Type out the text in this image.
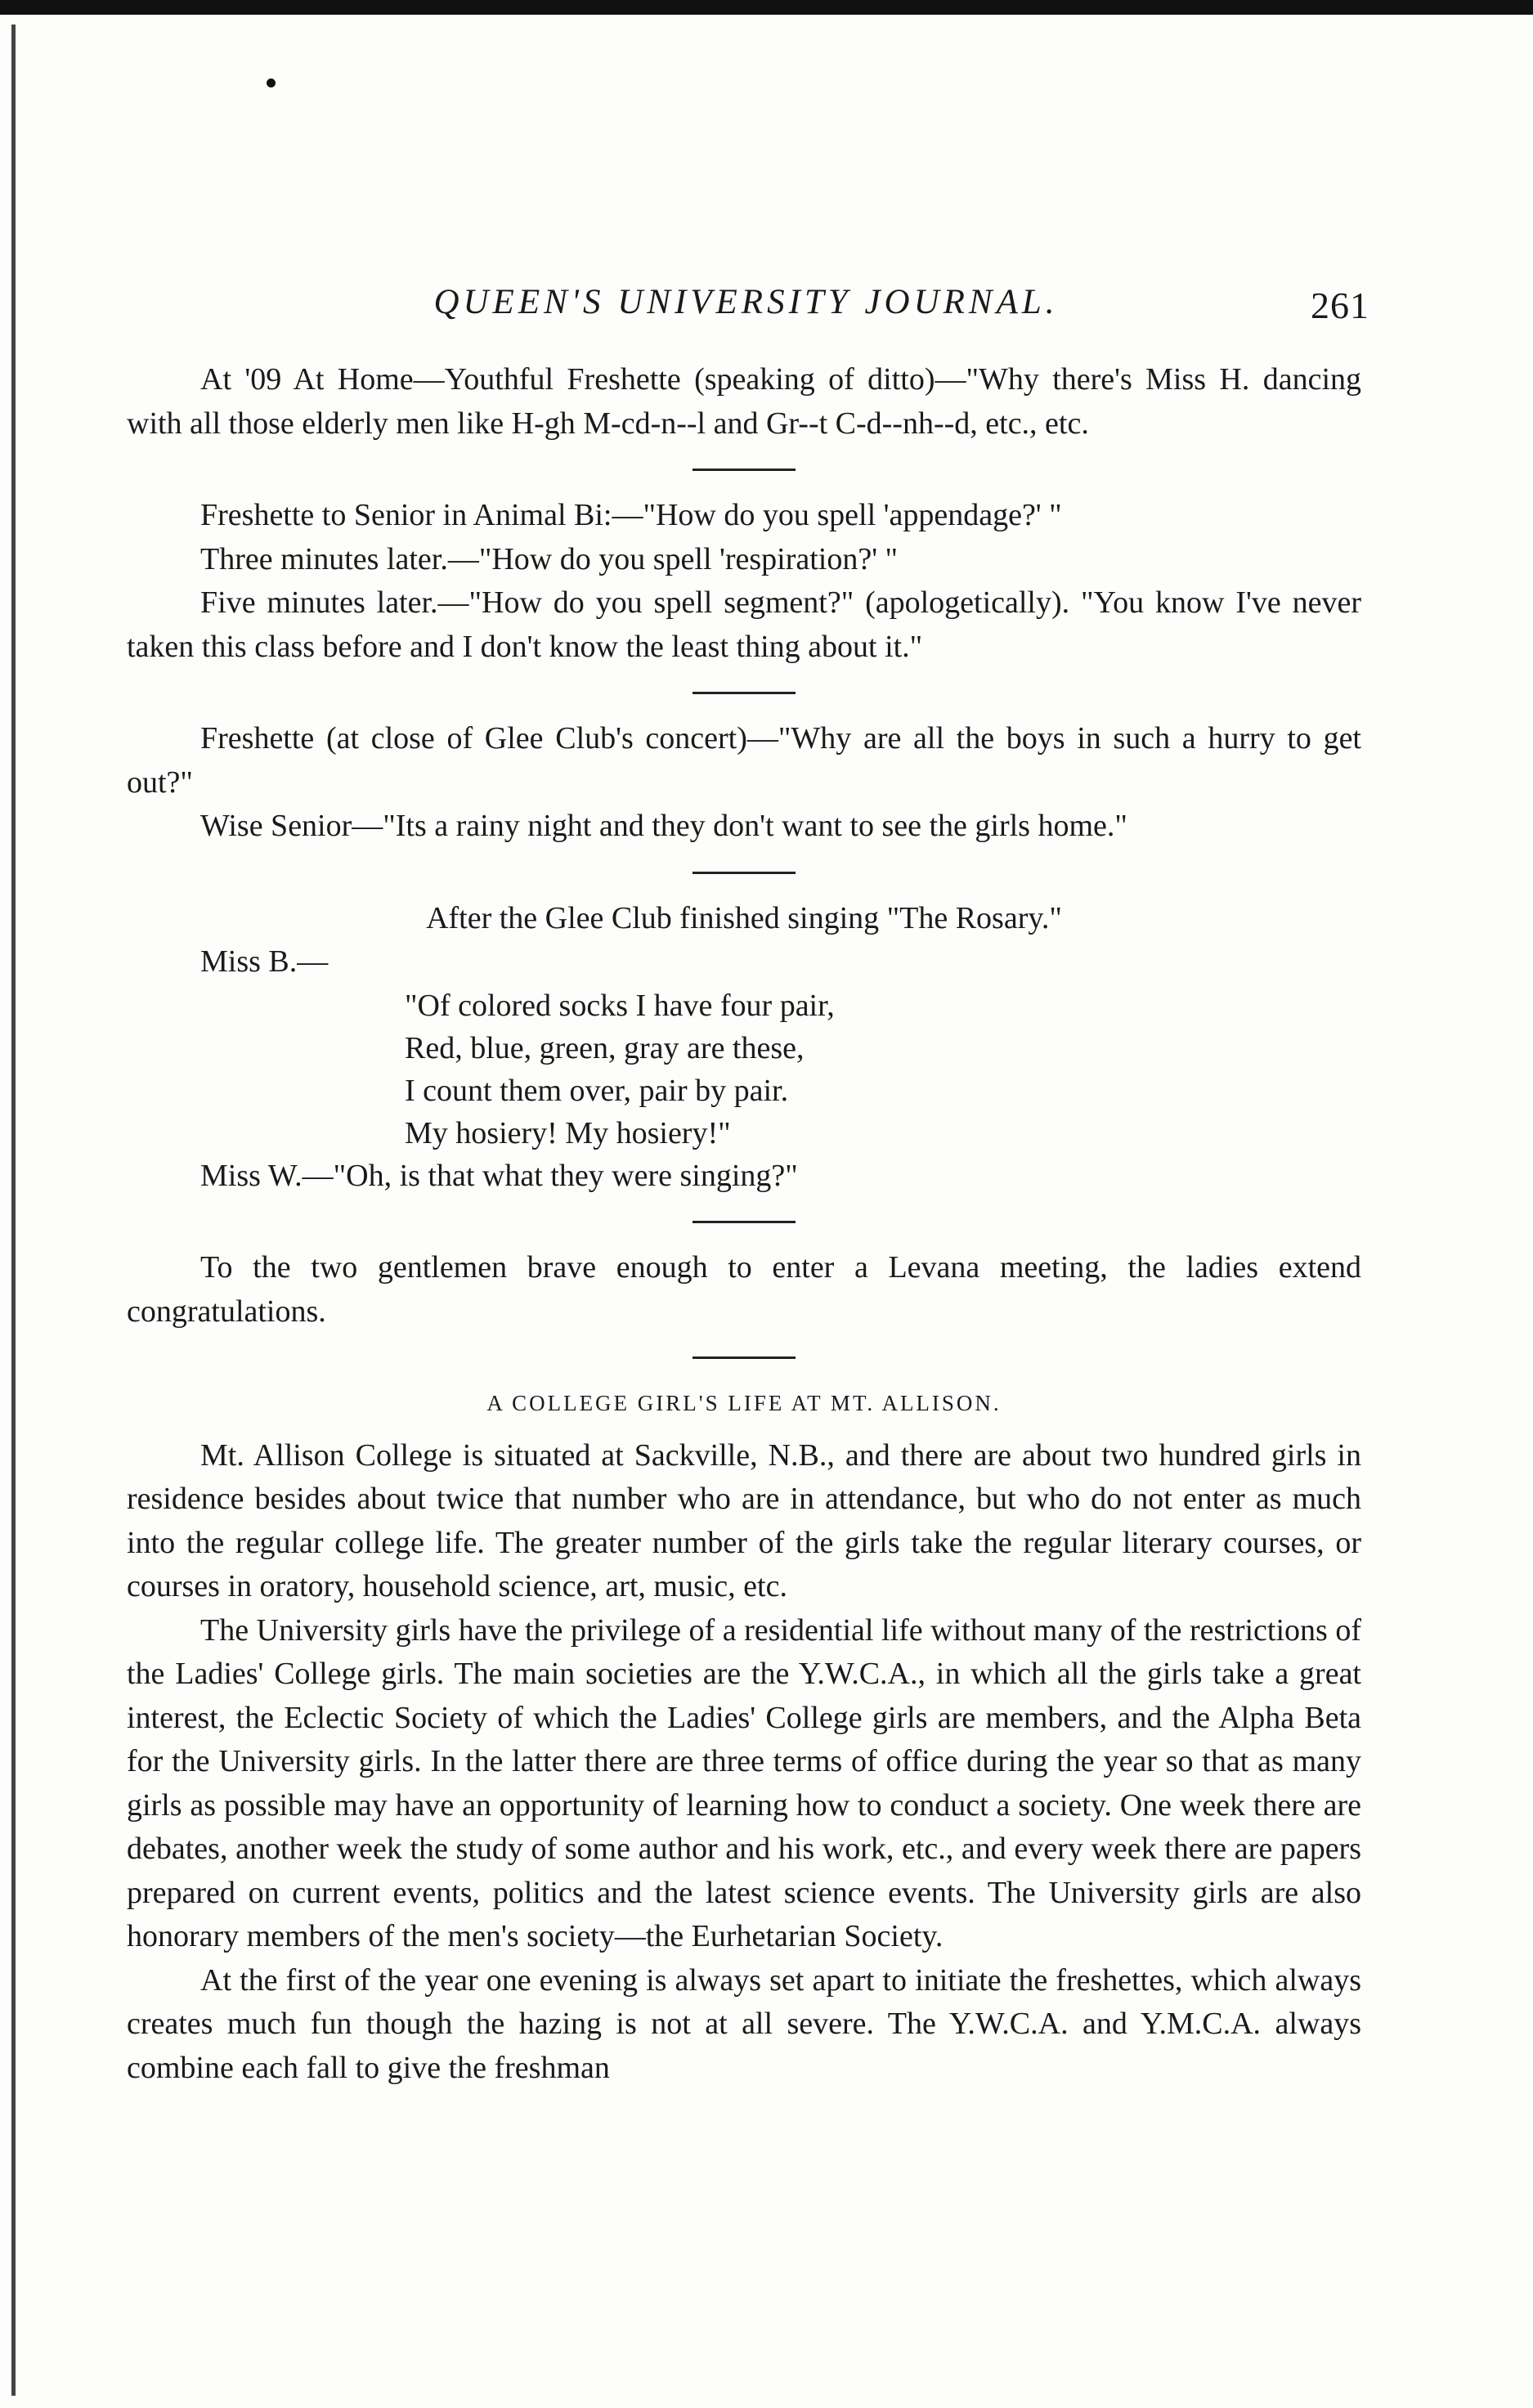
QUEEN'S UNIVERSITY JOURNAL.	261

At '09 At Home—Youthful Freshette (speaking of ditto)—"Why there's Miss H. dancing with all those elderly men like H-gh M-cd-n--l and Gr--t C-d--nh--d, etc., etc.

Freshette to Senior in Animal Bi:—"How do you spell 'appendage?' "

Three minutes later.—"How do you spell 'respiration?' "

Five minutes later.—"How do you spell segment?" (apologetically). "You know I've never taken this class before and I don't know the least thing about it."

Freshette (at close of Glee Club's concert)—"Why are all the boys in such a hurry to get out?"

Wise Senior—"Its a rainy night and they don't want to see the girls home."

After the Glee Club finished singing "The Rosary."

Miss B.—

"Of colored socks I have four pair,
Red, blue, green, gray are these,
I count them over, pair by pair.
My hosiery! My hosiery!"

Miss W.—"Oh, is that what they were singing?"

To the two gentlemen brave enough to enter a Levana meeting, the ladies extend congratulations.

A COLLEGE GIRL'S LIFE AT MT. ALLISON.

Mt. Allison College is situated at Sackville, N.B., and there are about two hundred girls in residence besides about twice that number who are in attendance, but who do not enter as much into the regular college life. The greater number of the girls take the regular literary courses, or courses in oratory, household science, art, music, etc.

The University girls have the privilege of a residential life without many of the restrictions of the Ladies' College girls. The main societies are the Y.W.C.A., in which all the girls take a great interest, the Eclectic Society of which the Ladies' College girls are members, and the Alpha Beta for the University girls. In the latter there are three terms of office during the year so that as many girls as possible may have an opportunity of learning how to conduct a society. One week there are debates, another week the study of some author and his work, etc., and every week there are papers prepared on current events, politics and the latest science events. The University girls are also honorary members of the men's society—the Eurhetarian Society.

At the first of the year one evening is always set apart to initiate the freshettes, which always creates much fun though the hazing is not at all severe. The Y.W.C.A. and Y.M.C.A. always combine each fall to give the freshman
